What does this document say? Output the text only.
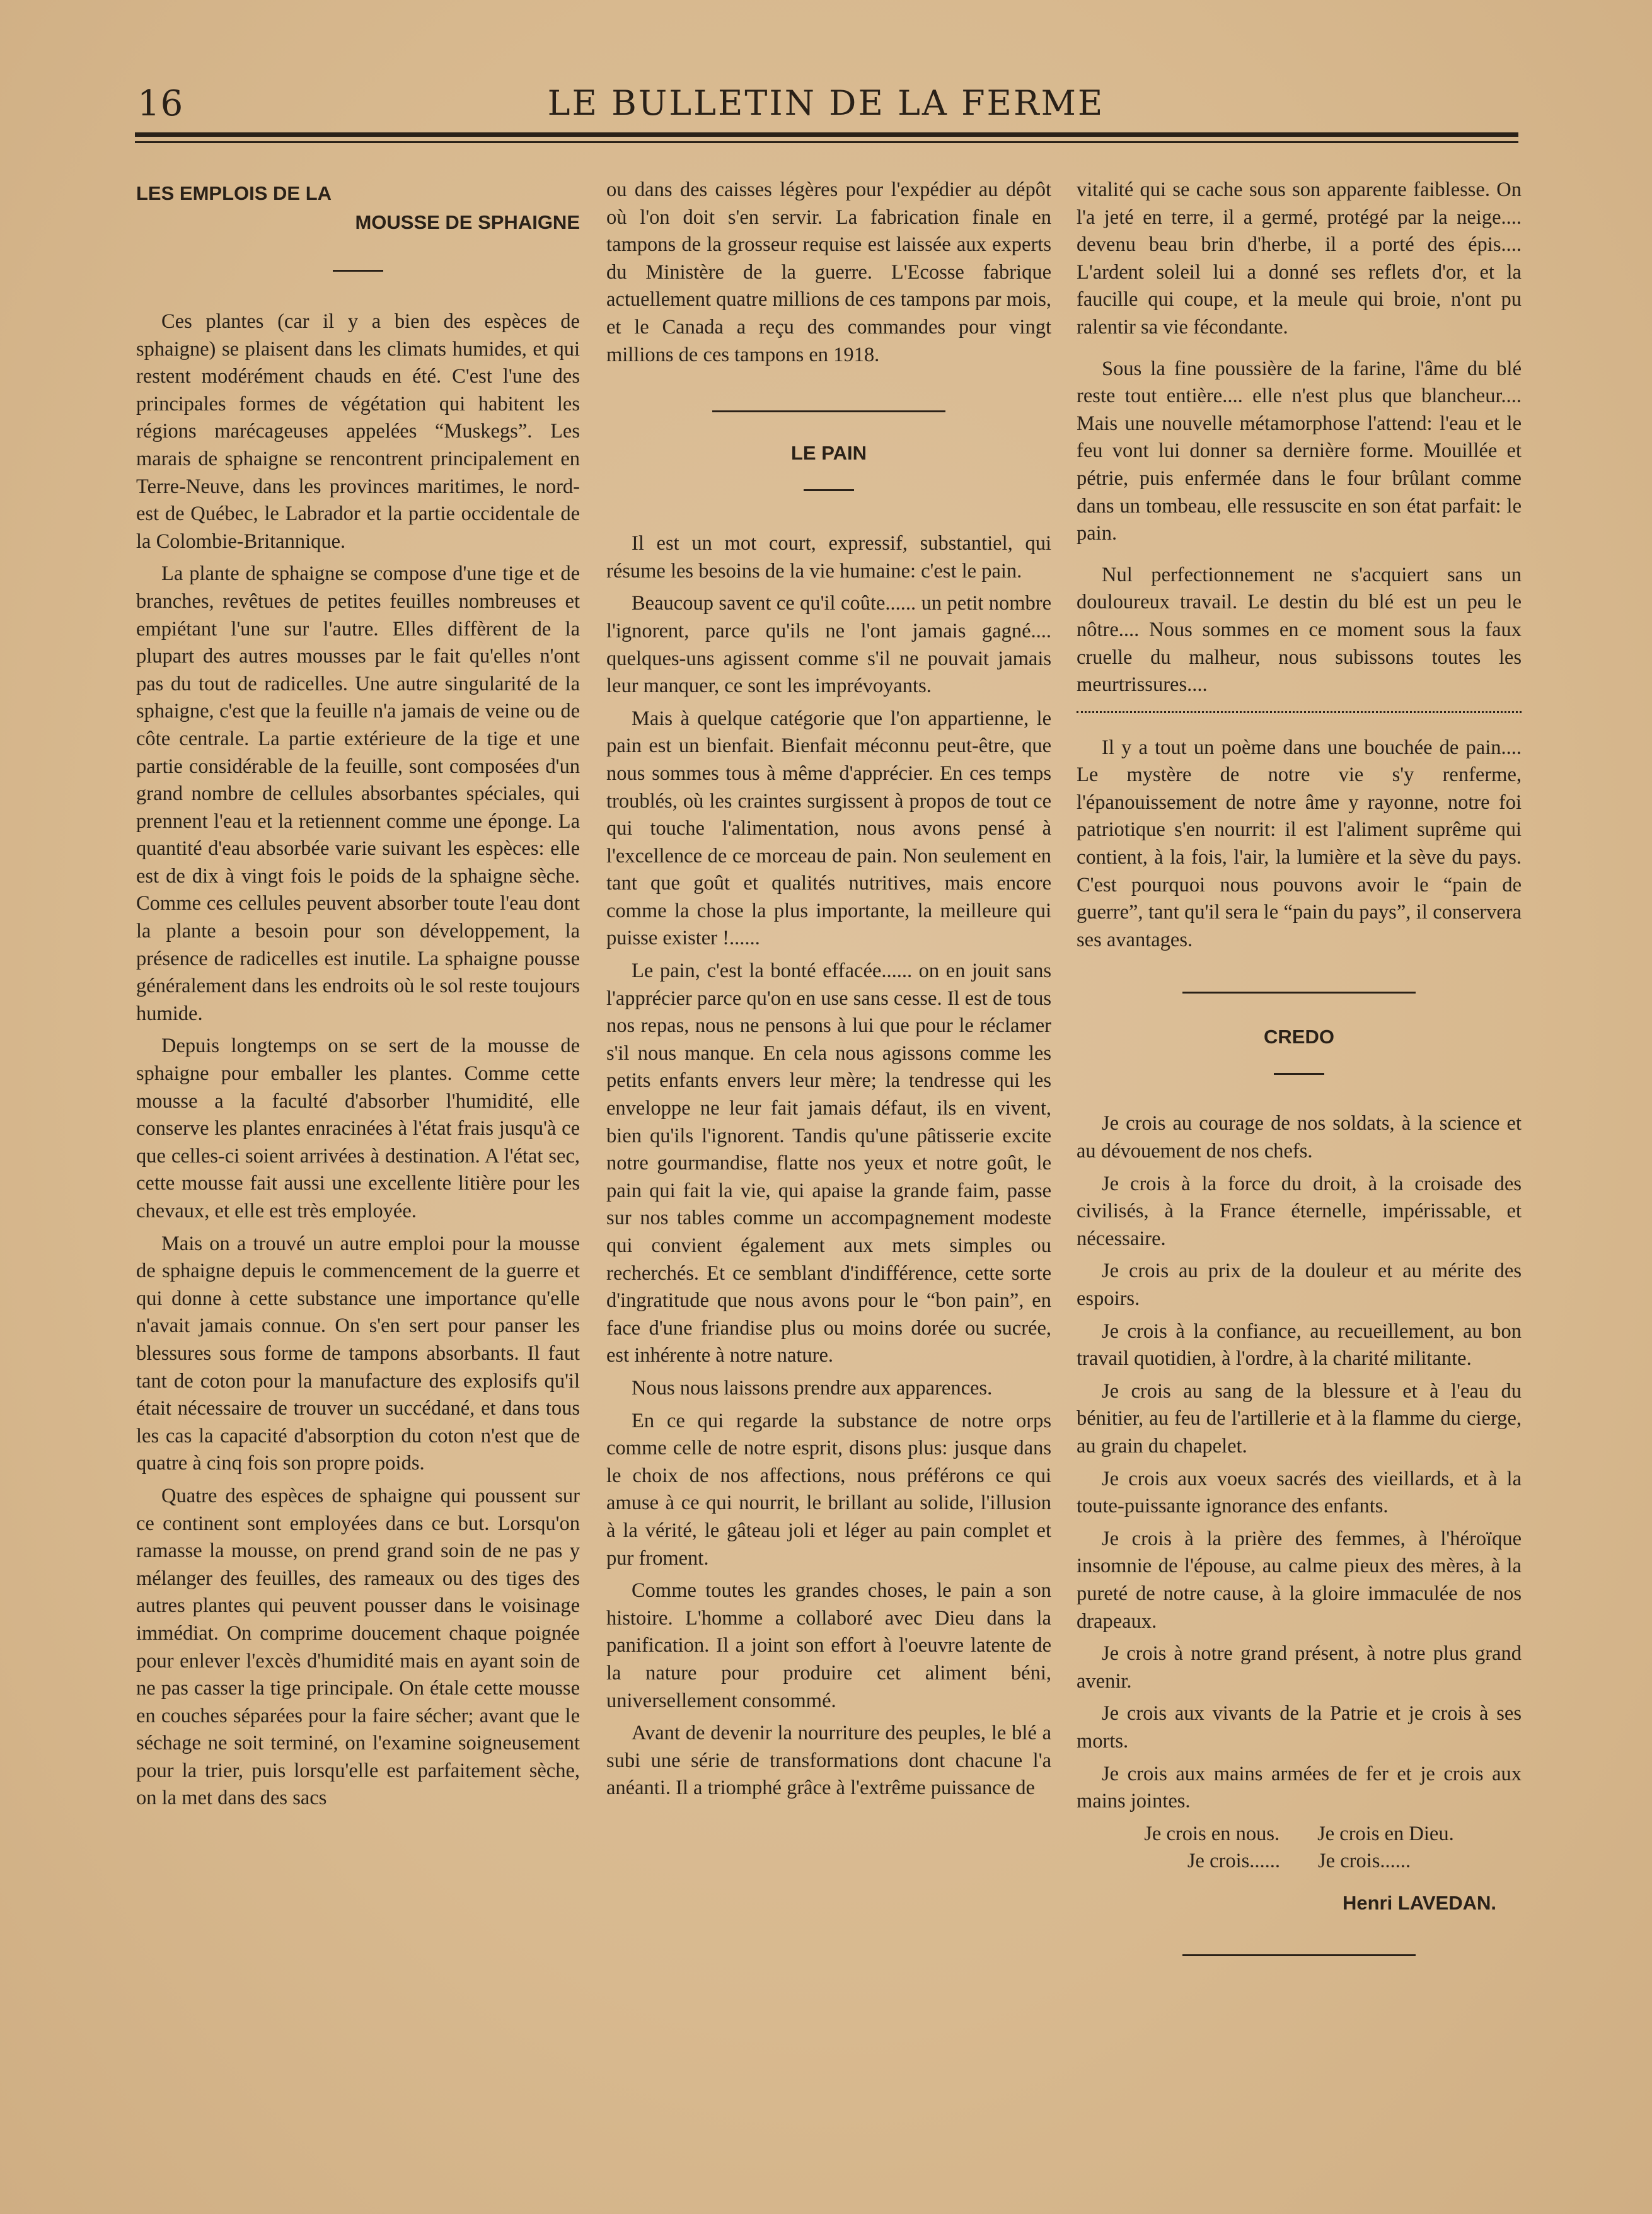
16	LE BULLETIN DE LA FERME
LES EMPLOIS DE LA
MOUSSE DE SPHAIGNE

Ces plantes (car il y a bien des espèces de sphaigne) se plaisent dans les climats humides, et qui restent modérément chauds en été. C'est l'une des principales formes de végétation qui habitent les régions marécageuses appelées “Muskegs”. Les marais de sphaigne se rencontrent principalement en Terre-Neuve, dans les provinces maritimes, le nord-est de Québec, le Labrador et la partie occidentale de la Colombie-Britannique.

La plante de sphaigne se compose d'une tige et de branches, revêtues de petites feuilles nombreuses et empiétant l'une sur l'autre. Elles diffèrent de la plupart des autres mousses par le fait qu'elles n'ont pas du tout de radicelles. Une autre singularité de la sphaigne, c'est que la feuille n'a jamais de veine ou de côte centrale. La partie extérieure de la tige et une partie considérable de la feuille, sont composées d'un grand nombre de cellules absorbantes spéciales, qui prennent l'eau et la retiennent comme une éponge. La quantité d'eau absorbée varie suivant les espèces: elle est de dix à vingt fois le poids de la sphaigne sèche. Comme ces cellules peuvent absorber toute l'eau dont la plante a besoin pour son développement, la présence de radicelles est inutile. La sphaigne pousse généralement dans les endroits où le sol reste toujours humide.

Depuis longtemps on se sert de la mousse de sphaigne pour emballer les plantes. Comme cette mousse a la faculté d'absorber l'humidité, elle conserve les plantes enracinées à l'état frais jusqu'à ce que celles-ci soient arrivées à destination. A l'état sec, cette mousse fait aussi une excellente litière pour les chevaux, et elle est très employée.

Mais on a trouvé un autre emploi pour la mousse de sphaigne depuis le commencement de la guerre et qui donne à cette substance une importance qu'elle n'avait jamais connue. On s'en sert pour panser les blessures sous forme de tampons absorbants. Il faut tant de coton pour la manufacture des explosifs qu'il était nécessaire de trouver un succédané, et dans tous les cas la capacité d'absorption du coton n'est que de quatre à cinq fois son propre poids.

Quatre des espèces de sphaigne qui poussent sur ce continent sont employées dans ce but. Lorsqu'on ramasse la mousse, on prend grand soin de ne pas y mélanger des feuilles, des rameaux ou des tiges des autres plantes qui peuvent pousser dans le voisinage immédiat. On comprime doucement chaque poignée pour enlever l'excès d'humidité mais en ayant soin de ne pas casser la tige principale. On étale cette mousse en couches séparées pour la faire sécher; avant que le séchage ne soit terminé, on l'examine soigneusement pour la trier, puis lorsqu'elle est parfaitement sèche, on la met dans des sacs

ou dans des caisses légères pour l'expédier au dépôt où l'on doit s'en servir. La fabrication finale en tampons de la grosseur requise est laissée aux experts du Ministère de la guerre. L'Ecosse fabrique actuellement quatre millions de ces tampons par mois, et le Canada a reçu des commandes pour vingt millions de ces tampons en 1918.

LE PAIN

Il est un mot court, expressif, substantiel, qui résume les besoins de la vie humaine: c'est le pain.

Beaucoup savent ce qu'il coûte...... un petit nombre l'ignorent, parce qu'ils ne l'ont jamais gagné.... quelques-uns agissent comme s'il ne pouvait jamais leur manquer, ce sont les imprévoyants.

Mais à quelque catégorie que l'on appartienne, le pain est un bienfait. Bienfait méconnu peut-être, que nous sommes tous à même d'apprécier. En ces temps troublés, où les craintes surgissent à propos de tout ce qui touche l'alimentation, nous avons pensé à l'excellence de ce morceau de pain. Non seulement en tant que goût et qualités nutritives, mais encore comme la chose la plus importante, la meilleure qui puisse exister !......

Le pain, c'est la bonté effacée...... on en jouit sans l'apprécier parce qu'on en use sans cesse. Il est de tous nos repas, nous ne pensons à lui que pour le réclamer s'il nous manque. En cela nous agissons comme les petits enfants envers leur mère; la tendresse qui les enveloppe ne leur fait jamais défaut, ils en vivent, bien qu'ils l'ignorent. Tandis qu'une pâtisserie excite notre gourmandise, flatte nos yeux et notre goût, le pain qui fait la vie, qui apaise la grande faim, passe sur nos tables comme un accompagnement modeste qui convient également aux mets simples ou recherchés. Et ce semblant d'indifférence, cette sorte d'ingratitude que nous avons pour le “bon pain”, en face d'une friandise plus ou moins dorée ou sucrée, est inhérente à notre nature.

Nous nous laissons prendre aux apparences.

En ce qui regarde la substance de notre orps comme celle de notre esprit, disons plus: jusque dans le choix de nos affections, nous préférons ce qui amuse à ce qui nourrit, le brillant au solide, l'illusion à la vérité, le gâteau joli et léger au pain complet et pur froment.

Comme toutes les grandes choses, le pain a son histoire. L'homme a collaboré avec Dieu dans la panification. Il a joint son effort à l'oeuvre latente de la nature pour produire cet aliment béni, universellement consommé.

Avant de devenir la nourriture des peuples, le blé a subi une série de transformations dont chacune l'a anéanti. Il a triomphé grâce à l'extrême puissance de

vitalité qui se cache sous son apparente faiblesse. On l'a jeté en terre, il a germé, protégé par la neige.... devenu beau brin d'herbe, il a porté des épis.... L'ardent soleil lui a donné ses reflets d'or, et la faucille qui coupe, et la meule qui broie, n'ont pu ralentir sa vie fécondante.

Sous la fine poussière de la farine, l'âme du blé reste tout entière.... elle n'est plus que blancheur.... Mais une nouvelle métamorphose l'attend: l'eau et le feu vont lui donner sa dernière forme. Mouillée et pétrie, puis enfermée dans le four brûlant comme dans un tombeau, elle ressuscite en son état parfait: le pain.

Nul perfectionnement ne s'acquiert sans un douloureux travail. Le destin du blé est un peu le nôtre.... Nous sommes en ce moment sous la faux cruelle du malheur, nous subissons toutes les meurtrissures....

Il y a tout un poème dans une bouchée de pain.... Le mystère de notre vie s'y renferme, l'épanouissement de notre âme y rayonne, notre foi patriotique s'en nourrit: il est l'aliment suprême qui contient, à la fois, l'air, la lumière et la sève du pays. C'est pourquoi nous pouvons avoir le “pain de guerre”, tant qu'il sera le “pain du pays”, il conservera ses avantages.

CREDO

Je crois au courage de nos soldats, à la science et au dévouement de nos chefs.

Je crois à la force du droit, à la croisade des civilisés, à la France éternelle, impérissable, et nécessaire.

Je crois au prix de la douleur et au mérite des espoirs.

Je crois à la confiance, au recueillement, au bon travail quotidien, à l'ordre, à la charité militante.

Je crois au sang de la blessure et à l'eau du bénitier, au feu de l'artillerie et à la flamme du cierge, au grain du chapelet.

Je crois aux voeux sacrés des vieillards, et à la toute-puissante ignorance des enfants.

Je crois à la prière des femmes, à l'héroïque insomnie de l'épouse, au calme pieux des mères, à la pureté de notre cause, à la gloire immaculée de nos drapeaux.

Je crois à notre grand présent, à notre plus grand avenir.

Je crois aux vivants de la Patrie et je crois à ses morts.

Je crois aux mains armées de fer et je crois aux mains jointes.

Je crois en nous. Je crois en Dieu.
Je crois...... Je crois......
Henri LAVEDAN.
